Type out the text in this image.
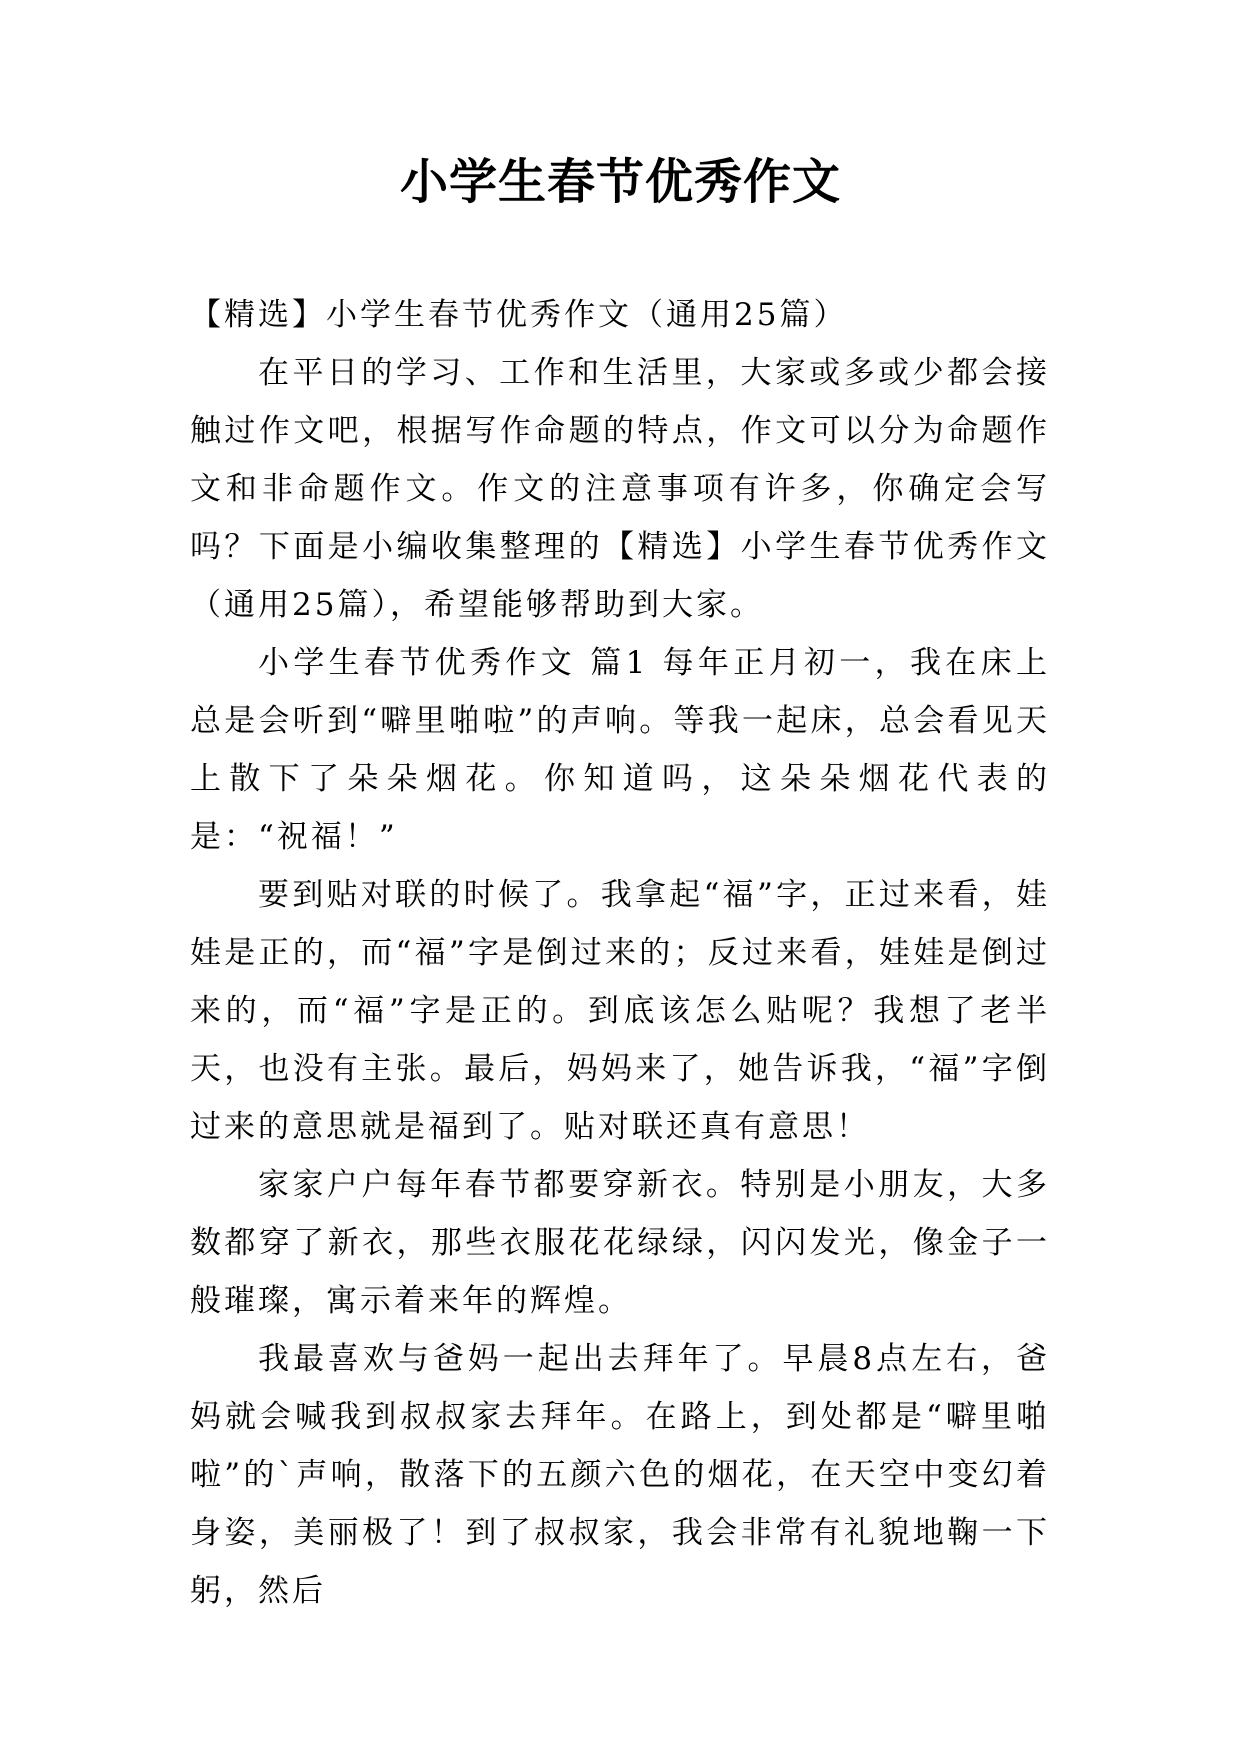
小学生春节优秀作文

【精选】小学生春节优秀作文（通用25篇）

在平日的学习、工作和生活里，大家或多或少都会接触过作文吧，根据写作命题的特点，作文可以分为命题作文和非命题作文。作文的注意事项有许多，你确定会写吗？下面是小编收集整理的【精选】小学生春节优秀作文（通用25篇），希望能够帮助到大家。

小学生春节优秀作文 篇1 每年正月初一，我在床上总是会听到“噼里啪啦”的声响。等我一起床，总会看见天上散下了朵朵烟花。你知道吗，这朵朵烟花代表的是：“祝福！”

要到贴对联的时候了。我拿起“福”字，正过来看，娃娃是正的，而“福”字是倒过来的；反过来看，娃娃是倒过来的，而“福”字是正的。到底该怎么贴呢？我想了老半天，也没有主张。最后，妈妈来了，她告诉我，“福”字倒过来的意思就是福到了。贴对联还真有意思！

家家户户每年春节都要穿新衣。特别是小朋友，大多数都穿了新衣，那些衣服花花绿绿，闪闪发光，像金子一般璀璨，寓示着来年的辉煌。

我最喜欢与爸妈一起出去拜年了。早晨8点左右，爸妈就会喊我到叔叔家去拜年。在路上，到处都是“噼里啪啦”的`声响，散落下的五颜六色的烟花，在天空中变幻着身姿，美丽极了！到了叔叔家，我会非常有礼貌地鞠一下躬，然后
